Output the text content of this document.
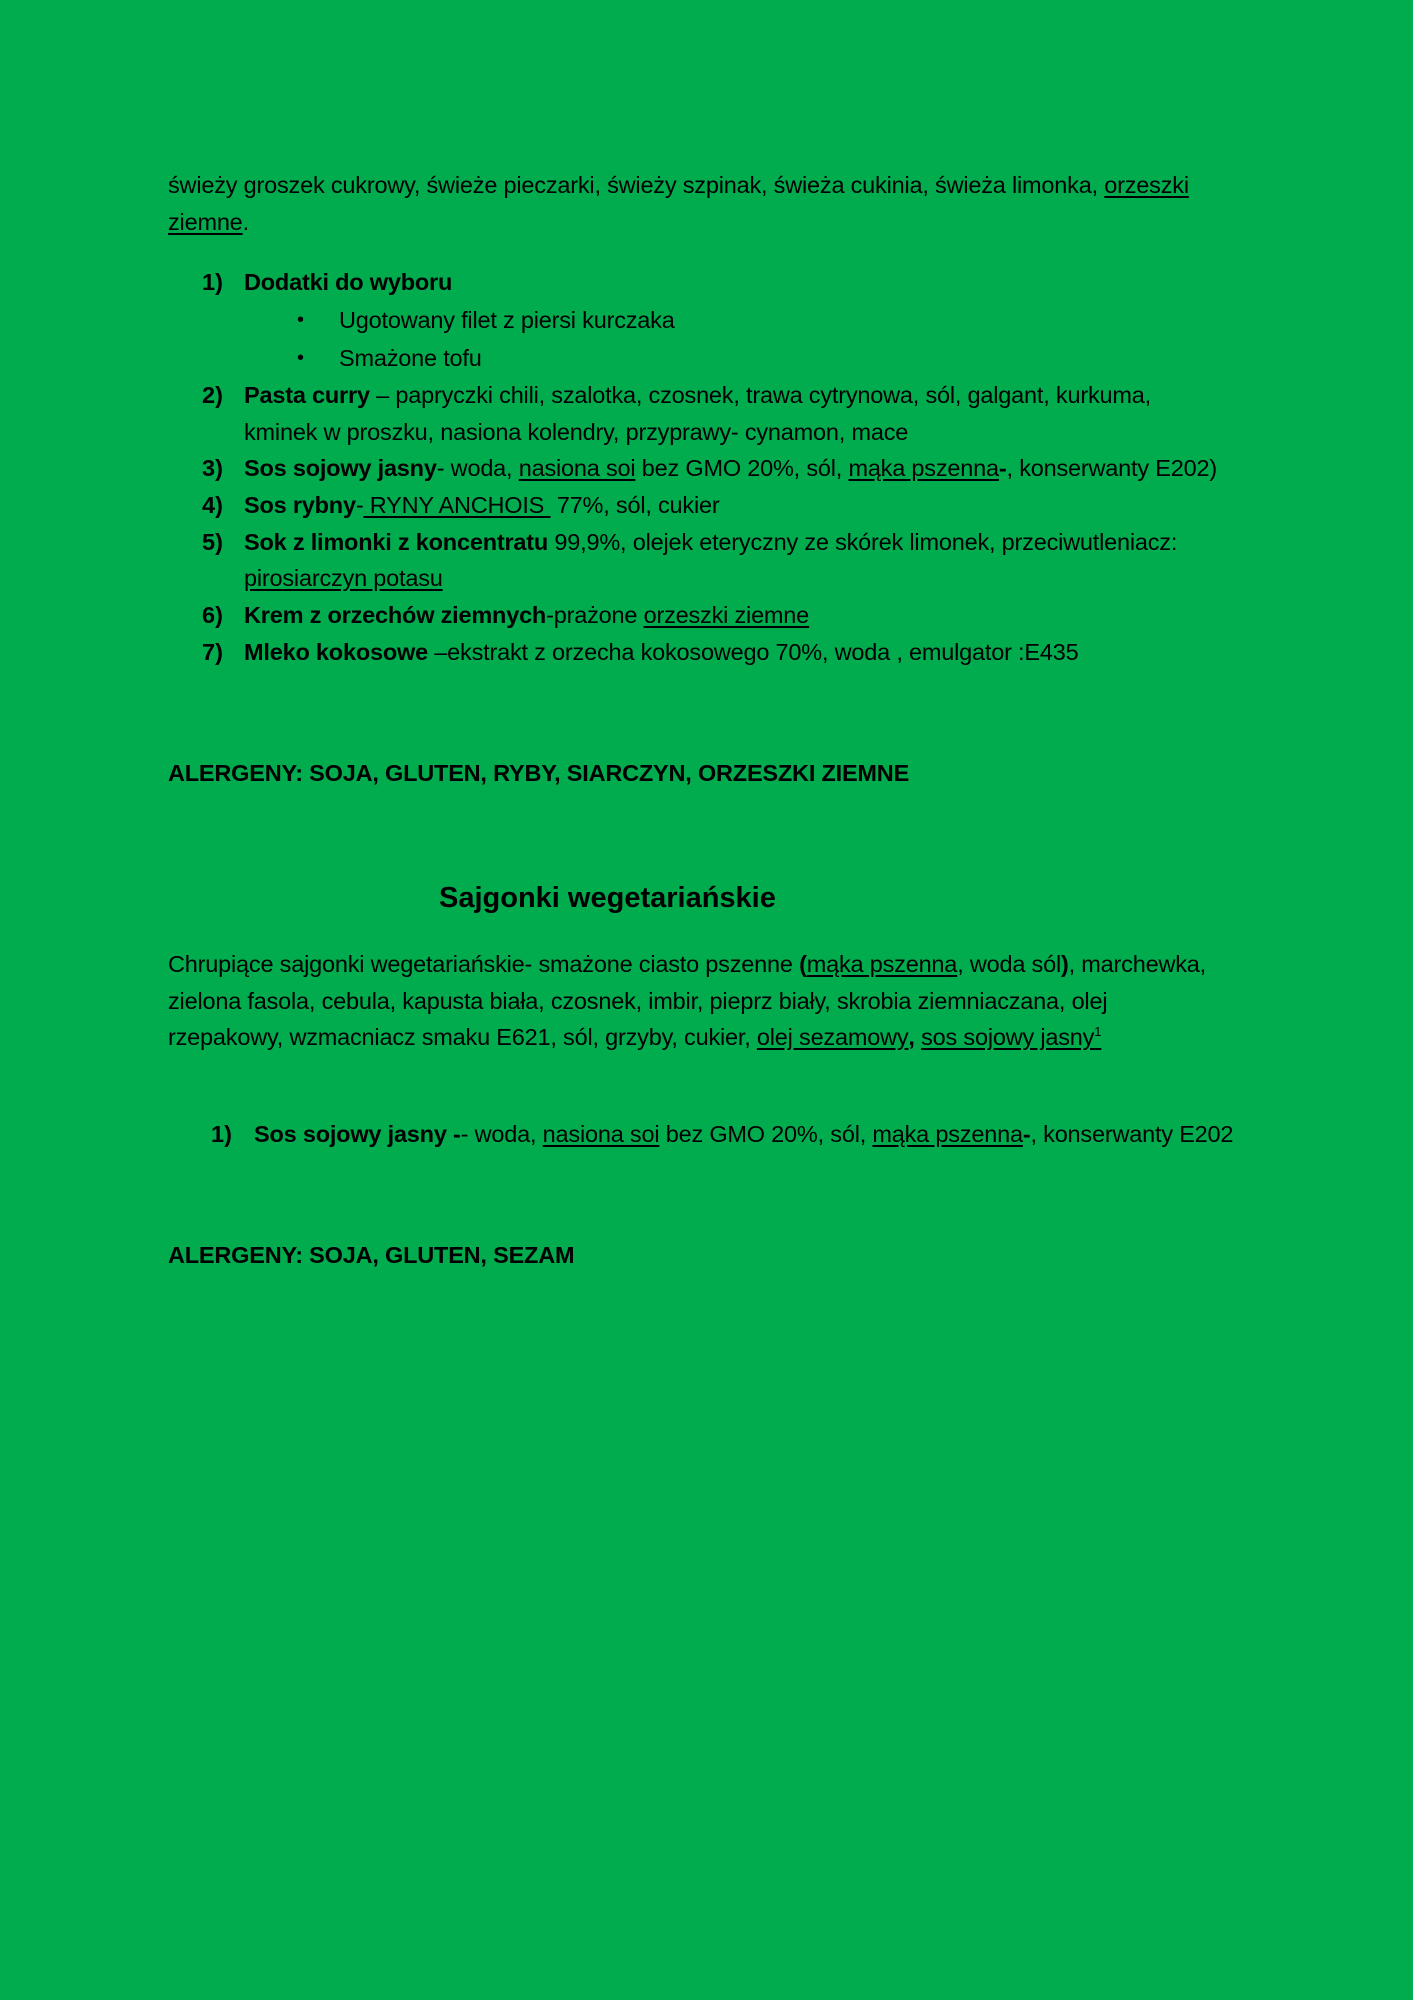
świeży groszek cukrowy, świeże pieczarki, świeży szpinak, świeża cukinia, świeża limonka, orzeszki
ziemne.
1) Dodatki do wyboru
• Ugotowany filet z piersi kurczaka
• Smażone tofu
2) Pasta curry – papryczki chili, szalotka, czosnek, trawa cytrynowa, sól, galgant, kurkuma,
kminek w proszku, nasiona kolendry, przyprawy- cynamon, mace
3) Sos sojowy jasny- woda, nasiona soi bez GMO 20%, sól, mąka pszenna-, konserwanty E202)
4) Sos rybny- RYNY ANCHOIS  77%, sól, cukier
5) Sok z limonki z koncentratu 99,9%, olejek eteryczny ze skórek limonek, przeciwutleniacz:
pirosiarczyn potasu
6) Krem z orzechów ziemnych-prażone orzeszki ziemne
7) Mleko kokosowe –ekstrakt z orzecha kokosowego 70%, woda , emulgator :E435
ALERGENY: SOJA, GLUTEN, RYBY, SIARCZYN, ORZESZKI ZIEMNE
Sajgonki wegetariańskie
Chrupiące sajgonki wegetariańskie- smażone ciasto pszenne (mąka pszenna, woda sól), marchewka,
zielona fasola, cebula, kapusta biała, czosnek, imbir, pieprz biały, skrobia ziemniaczana, olej
rzepakowy, wzmacniacz smaku E621, sól, grzyby, cukier, olej sezamowy, sos sojowy jasny$^1$
1) Sos sojowy jasny -- woda, nasiona soi bez GMO 20%, sól, mąka pszenna-, konserwanty E202
ALERGENY: SOJA, GLUTEN, SEZAM
